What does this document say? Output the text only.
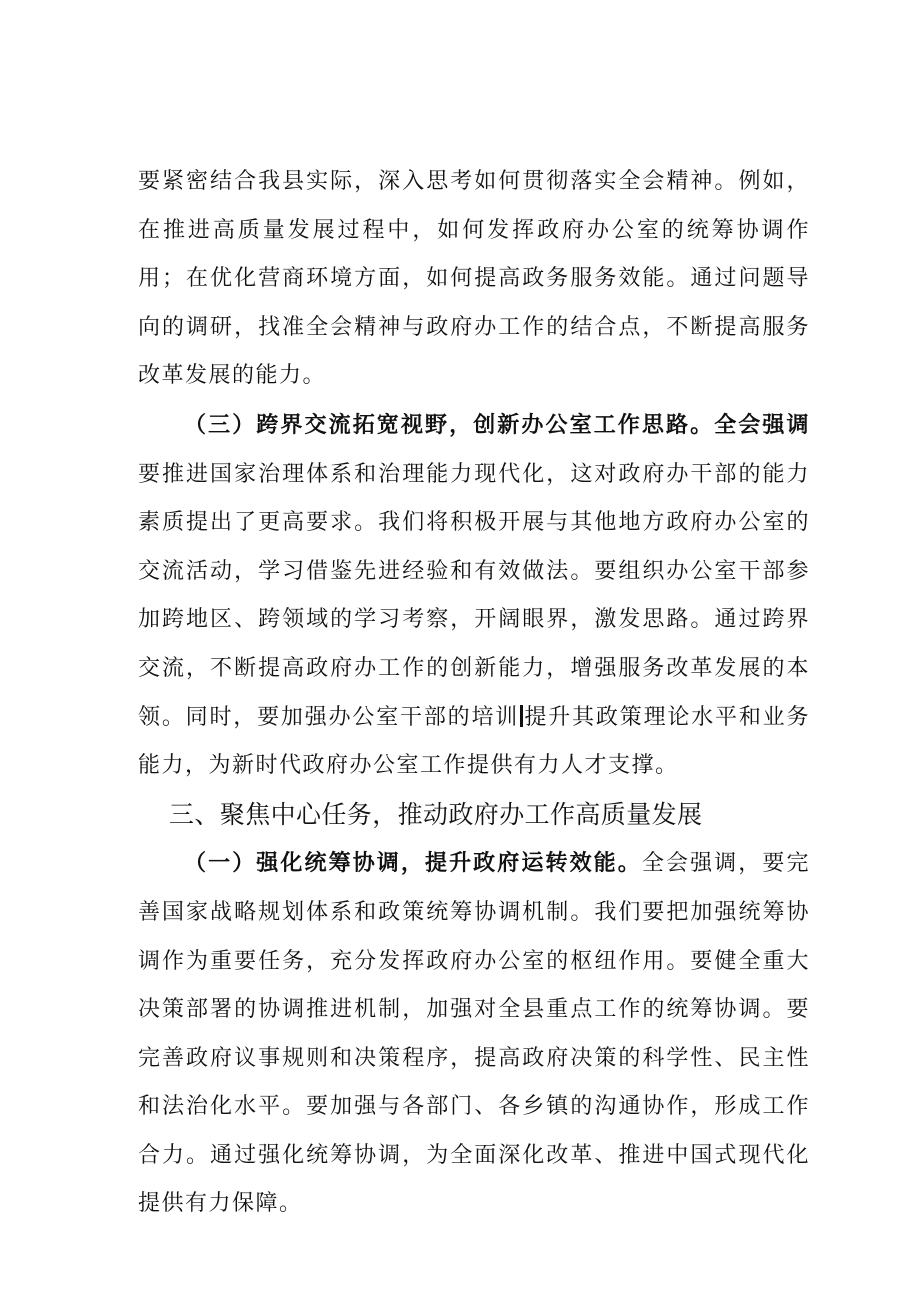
要紧密结合我县实际，深入思考如何贯彻落实全会精神。例如，在推进高质量发展过程中，如何发挥政府办公室的统筹协调作用；在优化营商环境方面，如何提高政务服务效能。通过问题导向的调研，找准全会精神与政府办工作的结合点，不断提高服务改革发展的能力。

（三）跨界交流拓宽视野，创新办公室工作思路。全会强调要推进国家治理体系和治理能力现代化，这对政府办干部的能力素质提出了更高要求。我们将积极开展与其他地方政府办公室的交流活动，学习借鉴先进经验和有效做法。要组织办公室干部参加跨地区、跨领域的学习考察，开阔眼界，激发思路。通过跨界交流，不断提高政府办工作的创新能力，增强服务改革发展的本领。同时，要加强办公室干部的培训 提升其政策理论水平和业务能力，为新时代政府办公室工作提供有力人才支撑。

三、聚焦中心任务，推动政府办工作高质量发展

（一）强化统筹协调，提升政府运转效能。全会强调，要完善国家战略规划体系和政策统筹协调机制。我们要把加强统筹协调作为重要任务，充分发挥政府办公室的枢纽作用。要健全重大决策部署的协调推进机制，加强对全县重点工作的统筹协调。要完善政府议事规则和决策程序，提高政府决策的科学性、民主性和法治化水平。要加强与各部门、各乡镇的沟通协作，形成工作合力。通过强化统筹协调，为全面深化改革、推进中国式现代化提供有力保障。
